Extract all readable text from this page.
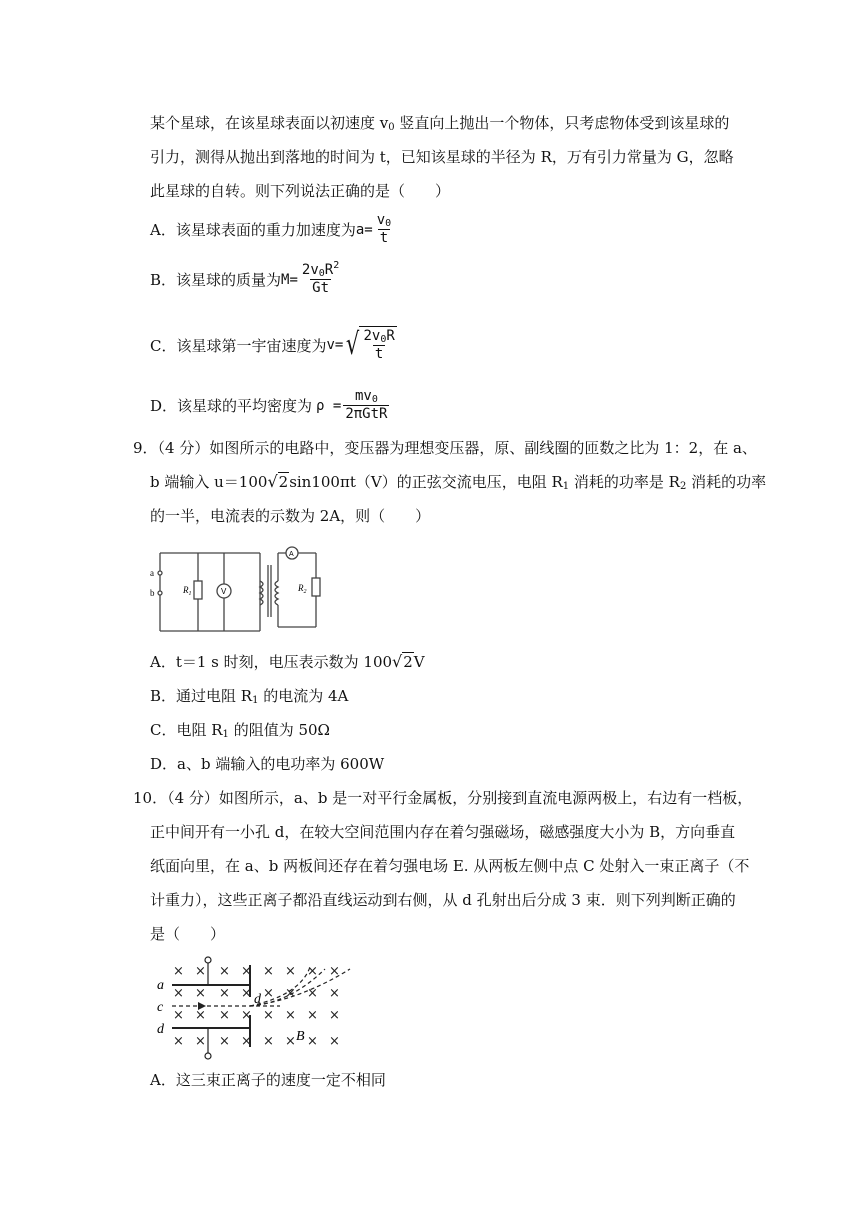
某个星球，在该星球表面以初速度 $v_0$ 竖直向上抛出一个物体，只考虑物体受到该星球的
引力，测得从抛出到落地的时间为 t，已知该星球的半径为 R，万有引力常量为 G，忽略
此星球的自转。则下列说法正确的是（　　）
A．该星球表面的重力加速度为 $a= \frac{v_0}{t}$
B．该星球的质量为 $M= \frac{2v_0R^2}{Gt}$
C．该星球第一宇宙速度为 v= √ $\frac{2v_0R}{t}$
D．该星球的平均密度为 $\rho = \frac{mv_0}{\text{2πGtR}}$
9．（4 分）如图所示的电路中，变压器为理想变压器，原、副线圈的匝数之比为 1：2，在 a、
b 端输入 u＝100√2sin100πt（V）的正弦交流电压，电阻 $R_1$ 消耗的功率是 $R_2$ 消耗的功率
的一半，电流表的示数为 2A，则（　　）
a
b	$R_1$	V
A
$R_2$
A．t＝1 s 时刻，电压表示数为 100√2V
B．通过电阻 $R_1$ 的电流为 4A
C．电阻 $R_1$ 的阻值为 50Ω
D．a、b 端输入的电功率为 600W
10．（4 分）如图所示，a、b 是一对平行金属板，分别接到直流电源两极上，右边有一档板，
正中间开有一小孔 d，在较大空间范围内存在着匀强磁场，磁感强度大小为 B，方向垂直
纸面向里，在 a、b 两板间还存在着匀强电场 E. 从两板左侧中点 C 处射入一束正离子（不
计重力），这些正离子都沿直线运动到右侧，从 d 孔射出后分成 3 束．则下列判断正确的
是（　　）
× × × × × × × ×
× × × × × × × ×
× × × × × × × ×
× × × × × × × ×
a
c
d
d
B
A．这三束正离子的速度一定不相同
